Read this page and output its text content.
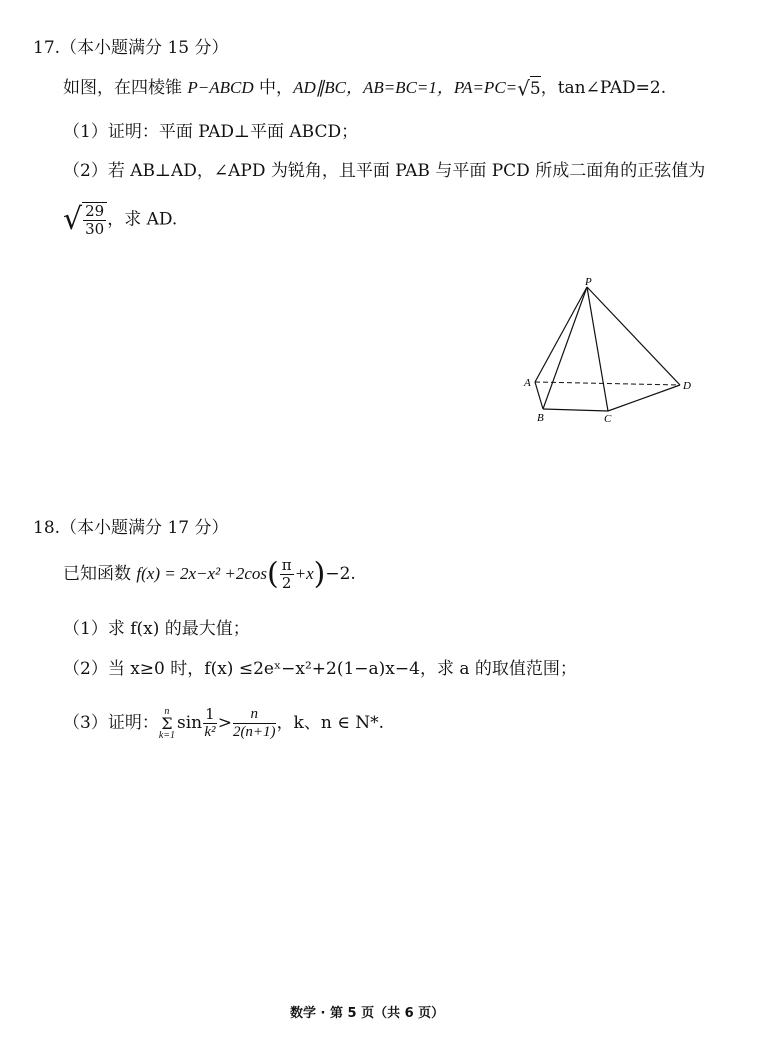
17.（本小题满分 15 分）
如图，在四棱锥 P−ABCD 中，AD∥BC，AB=BC=1，PA=PC=√5，tan∠PAD=2.
（1）证明：平面 PAD⊥平面 ABCD；
（2）若 AB⊥AD，∠APD 为锐角，且平面 PAB 与平面 PCD 所成二面角的正弦值为
√ $\frac{29}{30}$ ，求 AD.
P
A
B	C
D
18.（本小题满分 17 分）
已知函数 $f(x) = 2x-x^2 +2\cos( \frac{\pi}{2} +x)-2$.
（1）求 f(x) 的最大值；
（2）当 x≥0 时，f(x) ≤2eˣ−x²+2(1−a)x−4，求 a 的取值范围；
（3）证明：n
Σ
$k=1\sin \frac{1}{\text{k²}} > \frac{n}{2(n+1)}$ ，k、n ∈ N*.
数学 · 第 5 页（共 6 页）
